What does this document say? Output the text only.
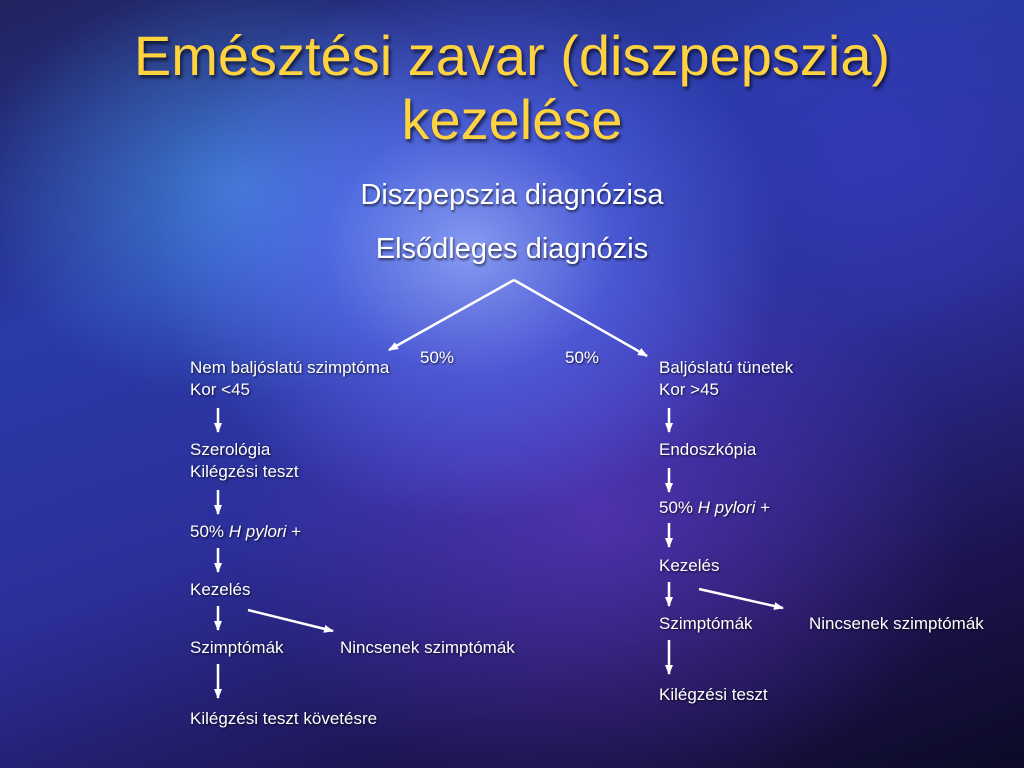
Emésztési zavar (diszpepszia)
kezelése
Diszpepszia diagnózisa
Elsődleges diagnózis
50%	50%
Nem baljóslatú szimptóma
Kor <45
Szerológia
Kilégzési teszt
50% H pylori +
Kezelés
Szimptómák	Nincsenek szimptómák
Kilégzési teszt követésre
Baljóslatú tünetek
Kor >45
Endoszkópia
50% H pylori +
Kezelés
Szimptómák	Nincsenek szimptómák
Kilégzési teszt
